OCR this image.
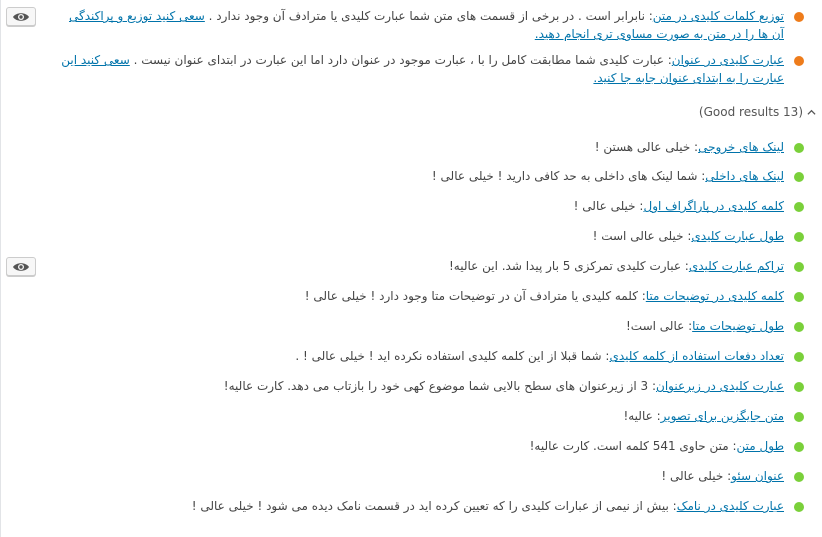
توزیع کلمات کلیدی در متن: نابرابر است . در برخی از قسمت های متن شما عبارت کلیدی یا مترادف آن وجود ندارد . سعی کنید توزیع و پراکندگی آن ها را در متن به صورت مساوی تری انجام دهید.
عبارت کلیدی در عنوان: عبارت کلیدی شما مطابقت کامل را با ، عبارت موجود در عنوان دارد اما این عبارت در ابتدای عنوان نیست . سعی کنید این عبارت را به ابتدای عنوان جابه جا کنید.
(Good results 13)
لینک های خروجی: خیلی عالی هستن !
لینک های داخلی: شما لینک های داخلی به حد کافی دارید ! خیلی عالی !
کلمه کلیدی در پاراگراف اول: خیلی عالی !
طول عبارت کلیدی: خیلی عالی است !
تراکم عبارت کلیدی: عبارت کلیدی تمرکزی 5 بار پیدا شد. این عالیه!
کلمه کلیدی در توضیحات متا: کلمه کلیدی یا مترادف آن در توضیحات متا وجود دارد ! خیلی عالی !
طول توضیحات متا: عالی است!
تعداد دفعات استفاده از کلمه کلیدی: شما قبلا از این کلمه کلیدی استفاده نکرده اید ! خیلی عالی ! .
عبارت کلیدی در زیرعنوان: 3 از زیرعنوان های سطح بالایی شما موضوع کهی خود را بازتاب می دهد. کارت عالیه!
متن جایگزین برای تصویر: عالیه!
طول متن: متن حاوی 541 کلمه است. کارت عالیه!
عنوان سئو: خیلی عالی !
عبارت کلیدی در نامک: بیش از نیمی از عبارات کلیدی را که تعیین کرده اید در قسمت نامک دیده می شود ! خیلی عالی !
